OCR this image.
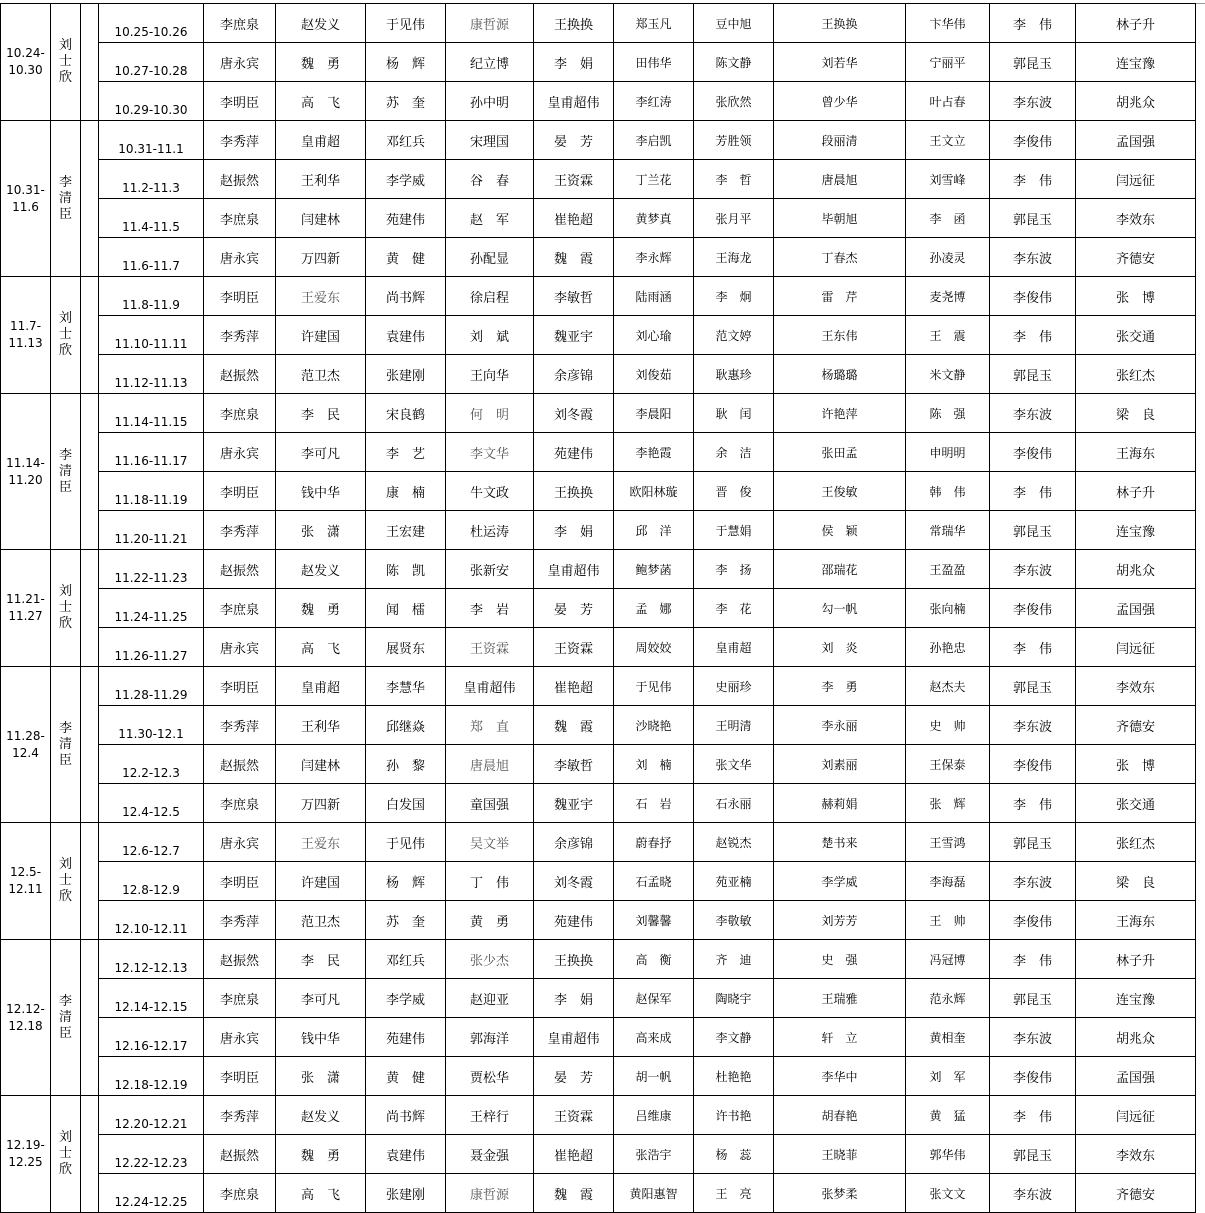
10.24-
10.30	刘
士
欣		10.25-10.26	李庶泉	赵发义	于见伟	康哲源	王换换	郑玉凡	豆中旭	王换换	卞华伟	李　伟	林子升
			10.27-10.28	唐永宾	魏　勇	杨　辉	纪立博	李　娟	田伟华	陈文静	刘若华	宁丽平	郭昆玉	连宝豫
			10.29-10.30	李明臣	高　飞	苏　奎	孙中明	皇甫超伟	李红涛	张欣然	曾少华	叶占春	李东波	胡兆众
10.31-
11.6	李
清
臣		10.31-11.1	李秀萍	皇甫超	邓红兵	宋理国	晏　芳	李启凯	芳胜领	段丽清	王文立	李俊伟	孟国强
			11.2-11.3	赵振然	王利华	李学威	谷　春	王资霖	丁兰花	李　哲	唐晨旭	刘雪峰	李　伟	闫远征
			11.4-11.5	李庶泉	闫建林	苑建伟	赵　军	崔艳超	黄梦真	张月平	毕朝旭	李　函	郭昆玉	李效东
			11.6-11.7	唐永宾	万四新	黄　健	孙配显	魏　霞	李永辉	王海龙	丁春杰	孙凌灵	李东波	齐德安
11.7-
11.13	刘
士
欣		11.8-11.9	李明臣	王爱东	尚书辉	徐启程	李敏哲	陆雨涵	李　炯	雷　芹	麦尧博	李俊伟	张　博
			11.10-11.11	李秀萍	许建国	袁建伟	刘　斌	魏亚宇	刘心瑜	范文婷	王东伟	王　震	李　伟	张交通
			11.12-11.13	赵振然	范卫杰	张建刚	王向华	余彦锦	刘俊茹	耿惠珍	杨璐璐	米文静	郭昆玉	张红杰
11.14-
11.20	李
清
臣		11.14-11.15	李庶泉	李　民	宋良鹤	何　明	刘冬霞	李晨阳	耿　闰	许艳萍	陈　强	李东波	梁　良
			11.16-11.17	唐永宾	李可凡	李　艺	李文华	苑建伟	李艳霞	余　洁	张田孟	申明明	李俊伟	王海东
			11.18-11.19	李明臣	钱中华	康　楠	牛文政	王换换	欧阳林璇	晋　俊	王俊敏	韩　伟	李　伟	林子升
			11.20-11.21	李秀萍	张　潇	王宏建	杜运涛	李　娟	邱　洋	于慧娟	侯　颖	常瑞华	郭昆玉	连宝豫
11.21-
11.27	刘
士
欣		11.22-11.23	赵振然	赵发义	陈　凯	张新安	皇甫超伟	鲍梦菡	李　扬	邵瑞花	王盈盈	李东波	胡兆众
			11.24-11.25	李庶泉	魏　勇	闻　檑	李　岩	晏　芳	孟　娜	李　花	勾一帆	张向楠	李俊伟	孟国强
			11.26-11.27	唐永宾	高　飞	展贤东	王资霖	王资霖	周姣姣	皇甫超	刘　炎	孙艳忠	李　伟	闫远征
11.28-
12.4	李
清
臣		11.28-11.29	李明臣	皇甫超	李慧华	皇甫超伟	崔艳超	于见伟	史丽珍	李　勇	赵杰夫	郭昆玉	李效东
			11.30-12.1	李秀萍	王利华	邱继焱	郑　直	魏　霞	沙晓艳	王明清	李永丽	史　帅	李东波	齐德安
			12.2-12.3	赵振然	闫建林	孙　黎	唐晨旭	李敏哲	刘　楠	张文华	刘素丽	王保泰	李俊伟	张　博
			12.4-12.5	李庶泉	万四新	白发国	童国强	魏亚宇	石　岩	石永丽	赫莉娟	张　辉	李　伟	张交通
12.5-
12.11	刘
士
欣		12.6-12.7	唐永宾	王爱东	于见伟	吴文举	余彦锦	蔚春抒	赵锐杰	楚书来	王雪鸿	郭昆玉	张红杰
			12.8-12.9	李明臣	许建国	杨　辉	丁　伟	刘冬霞	石孟晓	苑亚楠	李学威	李海磊	李东波	梁　良
			12.10-12.11	李秀萍	范卫杰	苏　奎	黄　勇	苑建伟	刘馨馨	李敬敏	刘芳芳	王　帅	李俊伟	王海东
12.12-
12.18	李
清
臣		12.12-12.13	赵振然	李　民	邓红兵	张少杰	王换换	高　衡	齐　迪	史　强	冯冠博	李　伟	林子升
			12.14-12.15	李庶泉	李可凡	李学威	赵迎亚	李　娟	赵保军	陶晓宇	王瑞雅	范永辉	郭昆玉	连宝豫
			12.16-12.17	唐永宾	钱中华	苑建伟	郭海洋	皇甫超伟	高来成	李文静	轩　立	黄相奎	李东波	胡兆众
			12.18-12.19	李明臣	张　潇	黄　健	贾松华	晏　芳	胡一帆	杜艳艳	李华中	刘　军	李俊伟	孟国强
12.19-
12.25	刘
士
欣		12.20-12.21	李秀萍	赵发义	尚书辉	王梓行	王资霖	吕维康	许书艳	胡春艳	黄　猛	李　伟	闫远征
			12.22-12.23	赵振然	魏　勇	袁建伟	聂金强	崔艳超	张浩宇	杨　蕊	王晓菲	郭华伟	郭昆玉	李效东
			12.24-12.25	李庶泉	高　飞	张建刚	康哲源	魏　霞	黄阳惠智	王　亮	张梦柔	张文文	李东波	齐德安
